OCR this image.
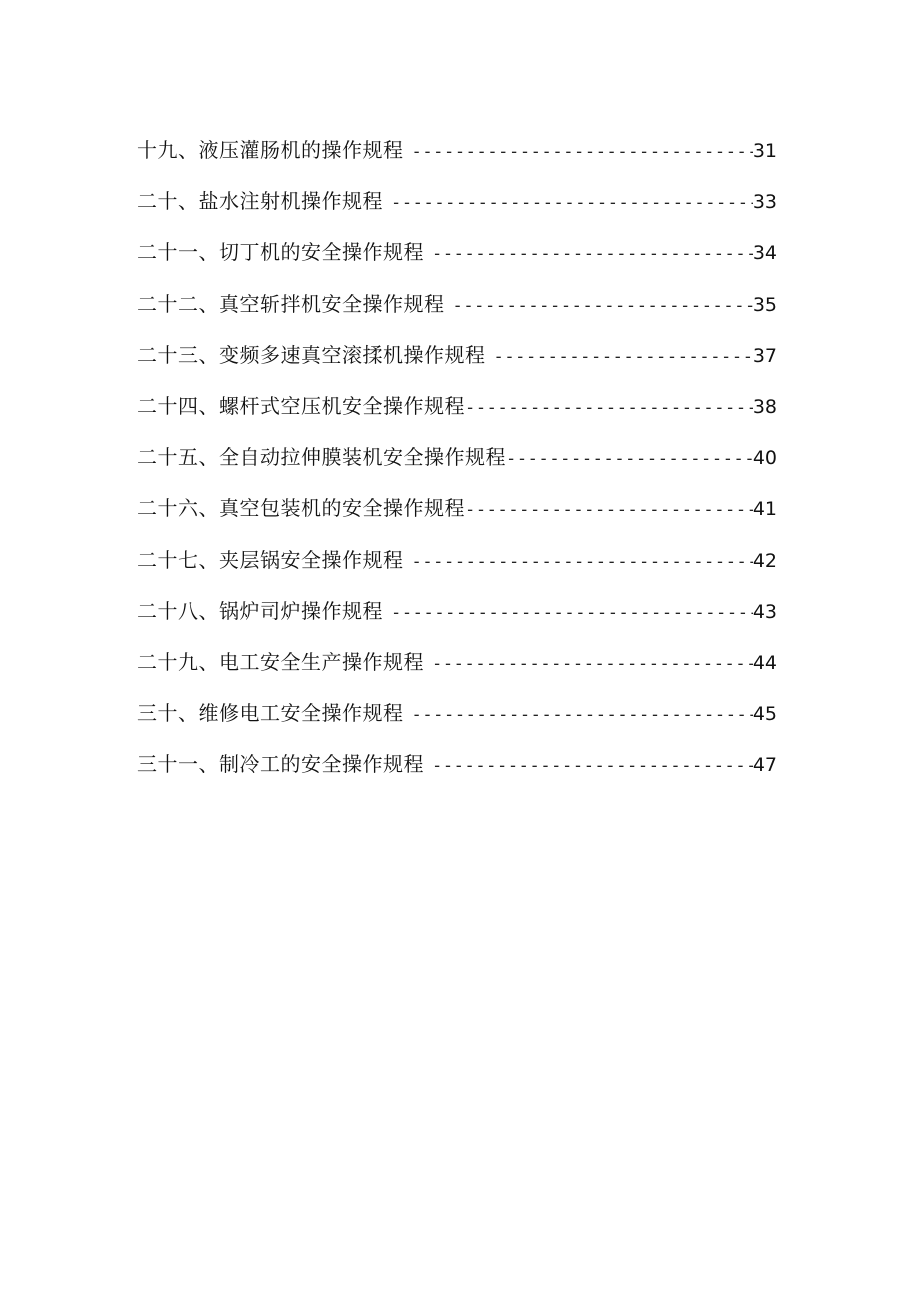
十九、液压灌肠机的操作规程 -----	31
二十、盐水注射机操作规程 -----	33
二十一、切丁机的安全操作规程 -----	34
二十二、真空斩拌机安全操作规程 -----	35
二十三、变频多速真空滚揉机操作规程 -----	37
二十四、螺杆式空压机安全操作规程 -----	38
二十五、全自动拉伸膜装机安全操作规程 -----	40
二十六、真空包装机的安全操作规程 -----	41
二十七、夹层锅安全操作规程 -----	42
二十八、锅炉司炉操作规程 -----	43
二十九、电工安全生产操作规程 -----	44
三十、维修电工安全操作规程 -----	45
三十一、制冷工的安全操作规程 -----	47
